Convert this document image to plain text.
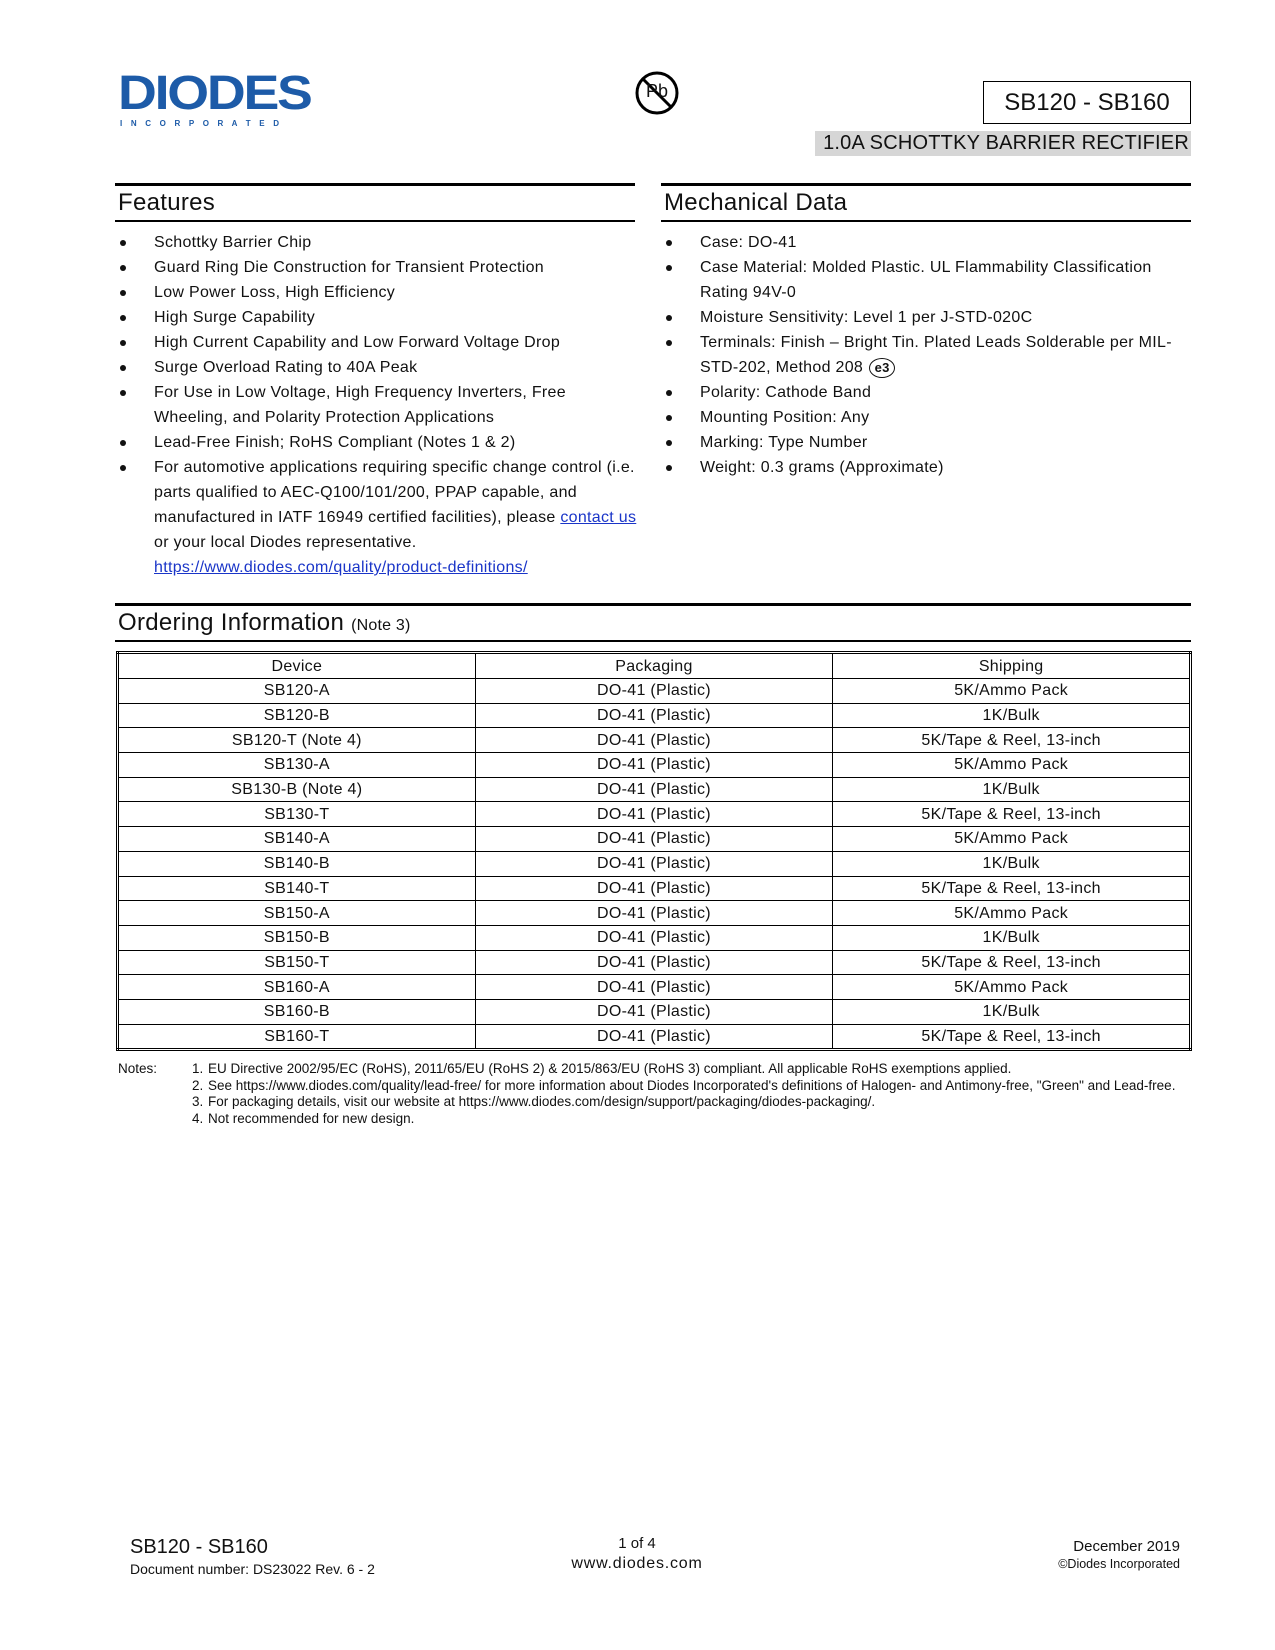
DIODES
I N C O R P O R A T E D
Pb	SB120 - SB160
1.0A SCHOTTKY BARRIER RECTIFIER
Features
Schottky Barrier Chip
Guard Ring Die Construction for Transient Protection
Low Power Loss, High Efficiency
High Surge Capability
High Current Capability and Low Forward Voltage Drop
Surge Overload Rating to 40A Peak
For Use in Low Voltage, High Frequency Inverters, Free Wheeling, and Polarity Protection Applications
Lead-Free Finish; RoHS Compliant (Notes 1 & 2)
For automotive applications requiring specific change control (i.e. parts qualified to AEC-Q100/101/200, PPAP capable, and manufactured in IATF 16949 certified facilities), please contact us or your local Diodes representative.
https://www.diodes.com/quality/product-definitions/
Mechanical Data
Case: DO-41
Case Material: Molded Plastic. UL Flammability Classification Rating 94V-0
Moisture Sensitivity: Level 1 per J-STD-020C
Terminals: Finish – Bright Tin. Plated Leads Solderable per MIL-STD-202, Method 208 e3
Polarity: Cathode Band
Mounting Position: Any
Marking: Type Number
Weight: 0.3 grams (Approximate)
Ordering Information (Note 3)
Device	Packaging	Shipping
SB120-A	DO-41 (Plastic)	5K/Ammo Pack
SB120-B	DO-41 (Plastic)	1K/Bulk
SB120-T (Note 4)	DO-41 (Plastic)	5K/Tape & Reel, 13-inch
SB130-A	DO-41 (Plastic)	5K/Ammo Pack
SB130-B (Note 4)	DO-41 (Plastic)	1K/Bulk
SB130-T	DO-41 (Plastic)	5K/Tape & Reel, 13-inch
SB140-A	DO-41 (Plastic)	5K/Ammo Pack
SB140-B	DO-41 (Plastic)	1K/Bulk
SB140-T	DO-41 (Plastic)	5K/Tape & Reel, 13-inch
SB150-A	DO-41 (Plastic)	5K/Ammo Pack
SB150-B	DO-41 (Plastic)	1K/Bulk
SB150-T	DO-41 (Plastic)	5K/Tape & Reel, 13-inch
SB160-A	DO-41 (Plastic)	5K/Ammo Pack
SB160-B	DO-41 (Plastic)	1K/Bulk
SB160-T	DO-41 (Plastic)	5K/Tape & Reel, 13-inch
Notes:	1. EU Directive 2002/95/EC (RoHS), 2011/65/EU (RoHS 2) & 2015/863/EU (RoHS 3) compliant. All applicable RoHS exemptions applied.
2. See https://www.diodes.com/quality/lead-free/ for more information about Diodes Incorporated's definitions of Halogen- and Antimony-free, "Green" and Lead-free.
3. For packaging details, visit our website at https://www.diodes.com/design/support/packaging/diodes-packaging/.
4. Not recommended for new design.
SB120 - SB160
Document number: DS23022 Rev. 6 - 2
1 of 4
www.diodes.com
December 2019
©Diodes Incorporated
